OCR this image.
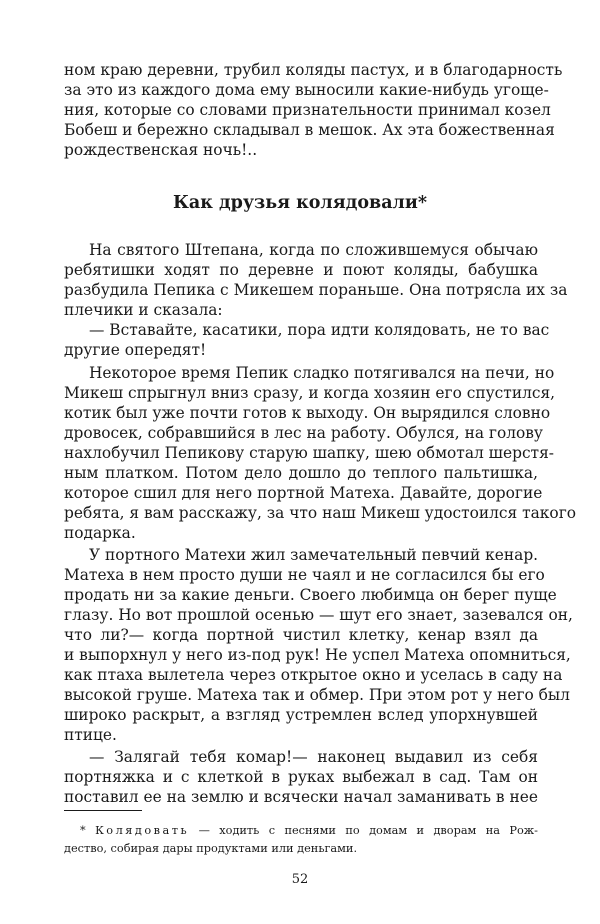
ном краю деревни, трубил коляды пастух, и в благодарность
за это из каждого дома ему выносили какие-нибудь угоще-
ния, которые со словами признательности принимал козел
Бобеш и бережно складывал в мешок. Ах эта божественная
рождественская ночь!..
Как друзья колядовали*
На святого Штепана, когда по сложившемуся обычаю
ребятишки ходят по деревне и поют коляды, бабушка
разбудила Пепика с Микешем пораньше. Она потрясла их за
плечики и сказала:
— Вставайте, касатики, пора идти колядовать, не то вас
другие опередят!
Некоторое время Пепик сладко потягивался на печи, но
Микеш спрыгнул вниз сразу, и когда хозяин его спустился,
котик был уже почти готов к выходу. Он вырядился словно
дровосек, собравшийся в лес на работу. Обулся, на голову
нахлобучил Пепикову старую шапку, шею обмотал шерстя-
ным платком. Потом дело дошло до теплого пальтишка,
которое сшил для него портной Матеха. Давайте, дорогие
ребята, я вам расскажу, за что наш Микеш удостоился такого
подарка.
У портного Матехи жил замечательный певчий кенар.
Матеха в нем просто души не чаял и не согласился бы его
продать ни за какие деньги. Своего любимца он берег пуще
глазу. Но вот прошлой осенью — шут его знает, зазевался он,
что ли?— когда портной чистил клетку, кенар взял да
и выпорхнул у него из-под рук! Не успел Матеха опомниться,
как птаха вылетела через открытое окно и уселась в саду на
высокой груше. Матеха так и обмер. При этом рот у него был
широко раскрыт, а взгляд устремлен вслед упорхнувшей
птице.
— Залягай тебя комар!— наконец выдавил из себя
портняжка и с клеткой в руках выбежал в сад. Там он
поставил ее на землю и всячески начал заманивать в нее
* Колядовать — ходить с песнями по домам и дворам на Рож-
дество, собирая дары продуктами или деньгами.
52
